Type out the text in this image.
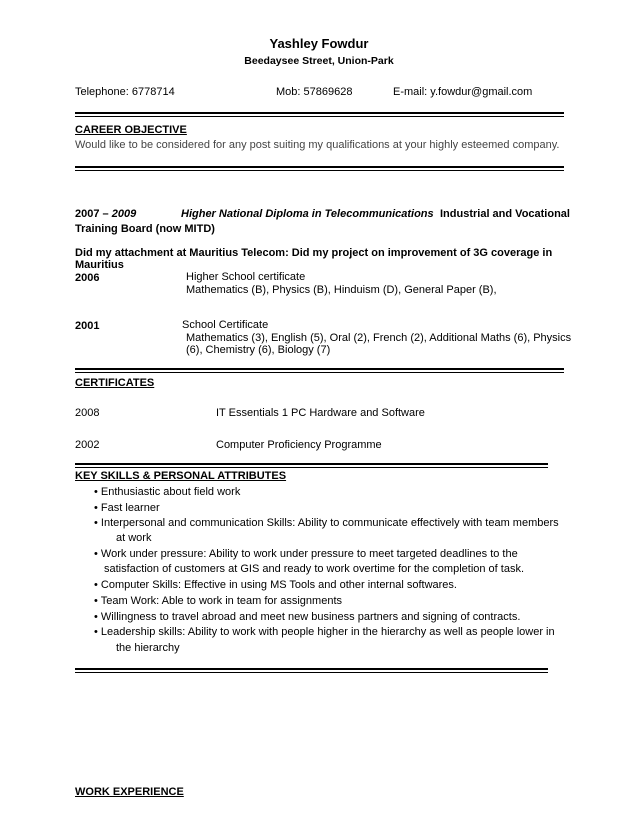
Yashley Fowdur
Beedaysee Street, Union-Park
Telephone: 6778714	Mob: 57869628	E-mail: y.fowdur@gmail.com
CAREER OBJECTIVE
Would like to be considered for any post suiting my qualifications at your highly esteemed company.
2007 – 2009	Higher National Diploma in Telecommunications Industrial and Vocational
Training Board (now MITD)
Did my attachment at Mauritius Telecom: Did my project on improvement of 3G coverage in
Mauritius
2006	Higher School certificate
Mathematics (B), Physics (B), Hinduism (D), General Paper (B),
2001	School Certificate
Mathematics (3), English (5), Oral (2), French (2), Additional Maths (6), Physics
(6), Chemistry (6), Biology (7)
CERTIFICATES
2008	IT Essentials 1 PC Hardware and Software
2002	Computer Proficiency Programme
KEY SKILLS & PERSONAL ATTRIBUTES
• Enthusiastic about field work
• Fast learner
• Interpersonal and communication Skills: Ability to communicate effectively with team members
at work
• Work under pressure: Ability to work under pressure to meet targeted deadlines to the
satisfaction of customers at GIS and ready to work overtime for the completion of task.
• Computer Skills: Effective in using MS Tools and other internal softwares.
• Team Work: Able to work in team for assignments
• Willingness to travel abroad and meet new business partners and signing of contracts.
• Leadership skills: Ability to work with people higher in the hierarchy as well as people lower in
the hierarchy
WORK EXPERIENCE
